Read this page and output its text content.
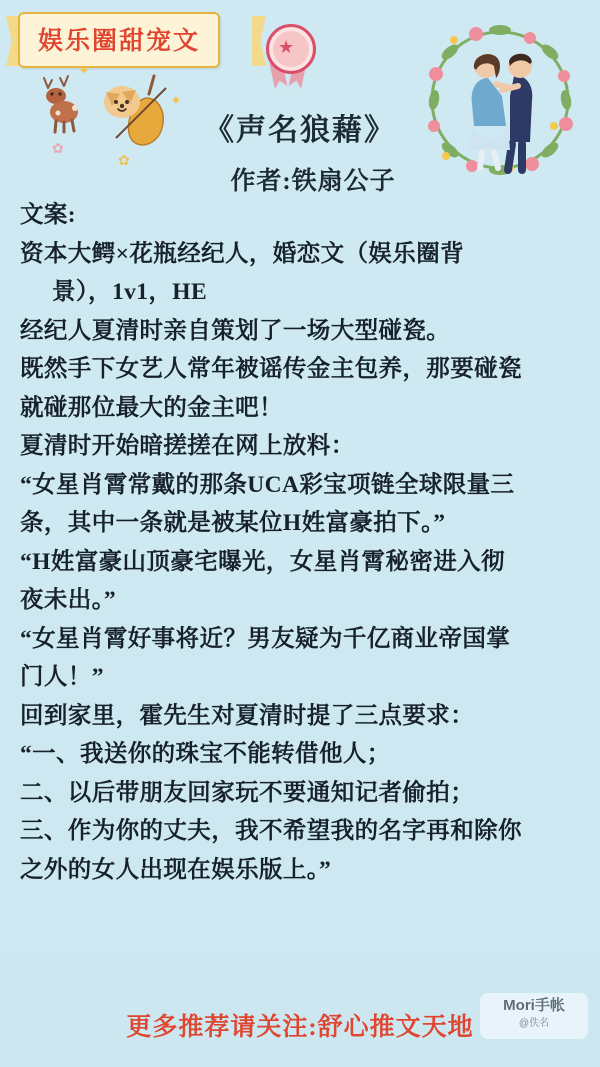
娱乐圈甜宠文	★
✦
✦
✿
✿
《声名狼藉》
作者:铁扇公子

文案:

资本大鳄×花瓶经纪人，婚恋文（娱乐圈背

景），1v1，HE

经纪人夏清时亲自策划了一场大型碰瓷。

既然手下女艺人常年被谣传金主包养，那要碰瓷

就碰那位最大的金主吧！

夏清时开始暗搓搓在网上放料：

“女星肖霄常戴的那条UCA彩宝项链全球限量三

条，其中一条就是被某位H姓富豪拍下。”

“H姓富豪山顶豪宅曝光，女星肖霄秘密进入彻

夜未出。”

“女星肖霄好事将近？男友疑为千亿商业帝国掌

门人！”

回到家里，霍先生对夏清时提了三点要求：

“一、我送你的珠宝不能转借他人；

二、以后带朋友回家玩不要通知记者偷拍；

三、作为你的丈夫，我不希望我的名字再和除你

之外的女人出现在娱乐版上。”

更多推荐请关注:舒心推文天地
Mori手帐
@佚名
